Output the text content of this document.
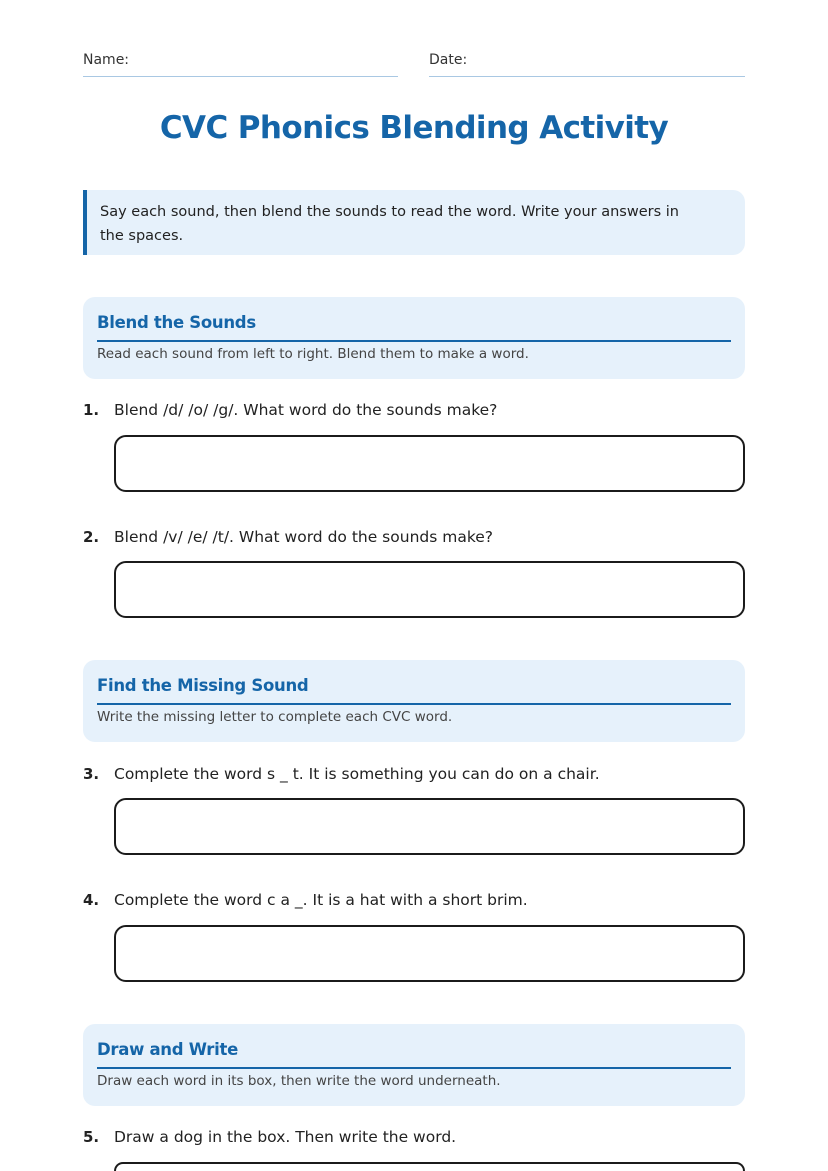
Name:	Date:
CVC Phonics Blending Activity
Say each sound, then blend the sounds to read the word. Write your answers in the spaces.
Blend the Sounds
Read each sound from left to right. Blend them to make a word.
1. Blend /d/ /o/ /g/. What word do the sounds make?
2. Blend /v/ /e/ /t/. What word do the sounds make?
Find the Missing Sound
Write the missing letter to complete each CVC word.
3. Complete the word s _ t. It is something you can do on a chair.
4. Complete the word c a _. It is a hat with a short brim.
Draw and Write
Draw each word in its box, then write the word underneath.
5. Draw a dog in the box. Then write the word.
